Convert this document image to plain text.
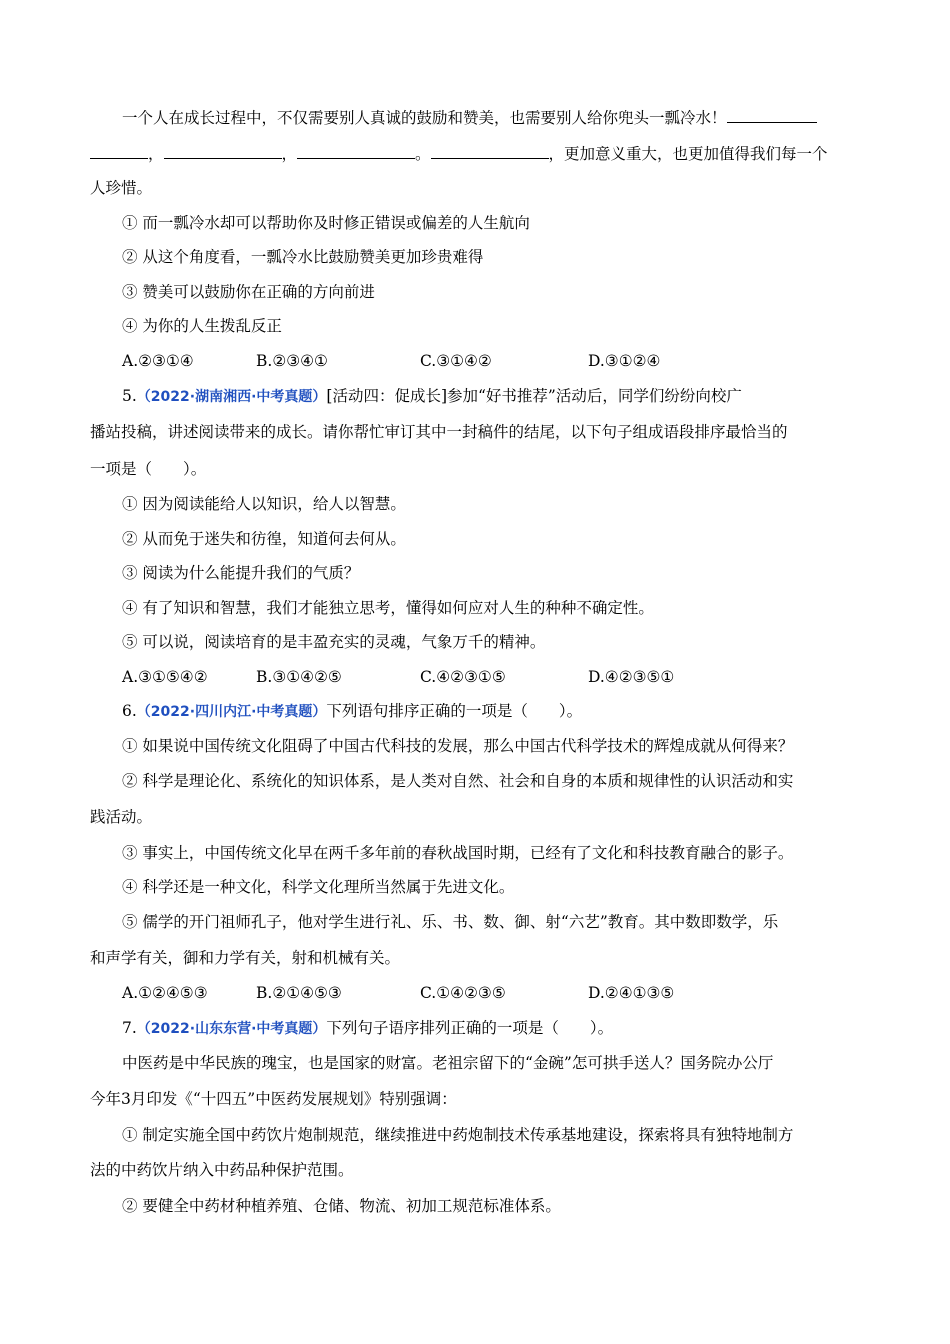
一个人在成长过程中，不仅需要别人真诚的鼓励和赞美，也需要别人给你兜头一瓢冷水！
，	，	。	，更加意义重大，也更加值得我们每一个
人珍惜。
① 而一瓢冷水却可以帮助你及时修正错误或偏差的人生航向
② 从这个角度看，一瓢冷水比鼓励赞美更加珍贵难得
③ 赞美可以鼓励你在正确的方向前进
④ 为你的人生拨乱反正
A.②③①④	B.②③④①	C.③①④②	D.③①②④
5.（2022·湖南湘西·中考真题）[活动四：促成长]参加“好书推荐”活动后，同学们纷纷向校广
播站投稿，讲述阅读带来的成长。请你帮忙审订其中一封稿件的结尾，以下句子组成语段排序最恰当的
一项是（　　）。
① 因为阅读能给人以知识，给人以智慧。
② 从而免于迷失和彷徨，知道何去何从。
③ 阅读为什么能提升我们的气质？
④ 有了知识和智慧，我们才能独立思考，懂得如何应对人生的种种不确定性。
⑤ 可以说，阅读培育的是丰盈充实的灵魂，气象万千的精神。
A.③①⑤④②	B.③①④②⑤	C.④②③①⑤	D.④②③⑤①
6.（2022·四川内江·中考真题）下列语句排序正确的一项是（　　）。
① 如果说中国传统文化阻碍了中国古代科技的发展，那么中国古代科学技术的辉煌成就从何得来？
② 科学是理论化、系统化的知识体系，是人类对自然、社会和自身的本质和规律性的认识活动和实
践活动。
③ 事实上，中国传统文化早在两千多年前的春秋战国时期，已经有了文化和科技教育融合的影子。
④ 科学还是一种文化，科学文化理所当然属于先进文化。
⑤ 儒学的开门祖师孔子，他对学生进行礼、乐、书、数、御、射“六艺”教育。其中数即数学，乐
和声学有关，御和力学有关，射和机械有关。
A.①②④⑤③	B.②①④⑤③	C.①④②③⑤	D.②④①③⑤
7.（2022·山东东营·中考真题）下列句子语序排列正确的一项是（　　）。
中医药是中华民族的瑰宝，也是国家的财富。老祖宗留下的“金碗”怎可拱手送人？国务院办公厅
今年3月印发《“十四五”中医药发展规划》特别强调：
① 制定实施全国中药饮片炮制规范，继续推进中药炮制技术传承基地建设，探索将具有独特地制方
法的中药饮片纳入中药品种保护范围。
② 要健全中药材种植养殖、仓储、物流、初加工规范标准体系。
